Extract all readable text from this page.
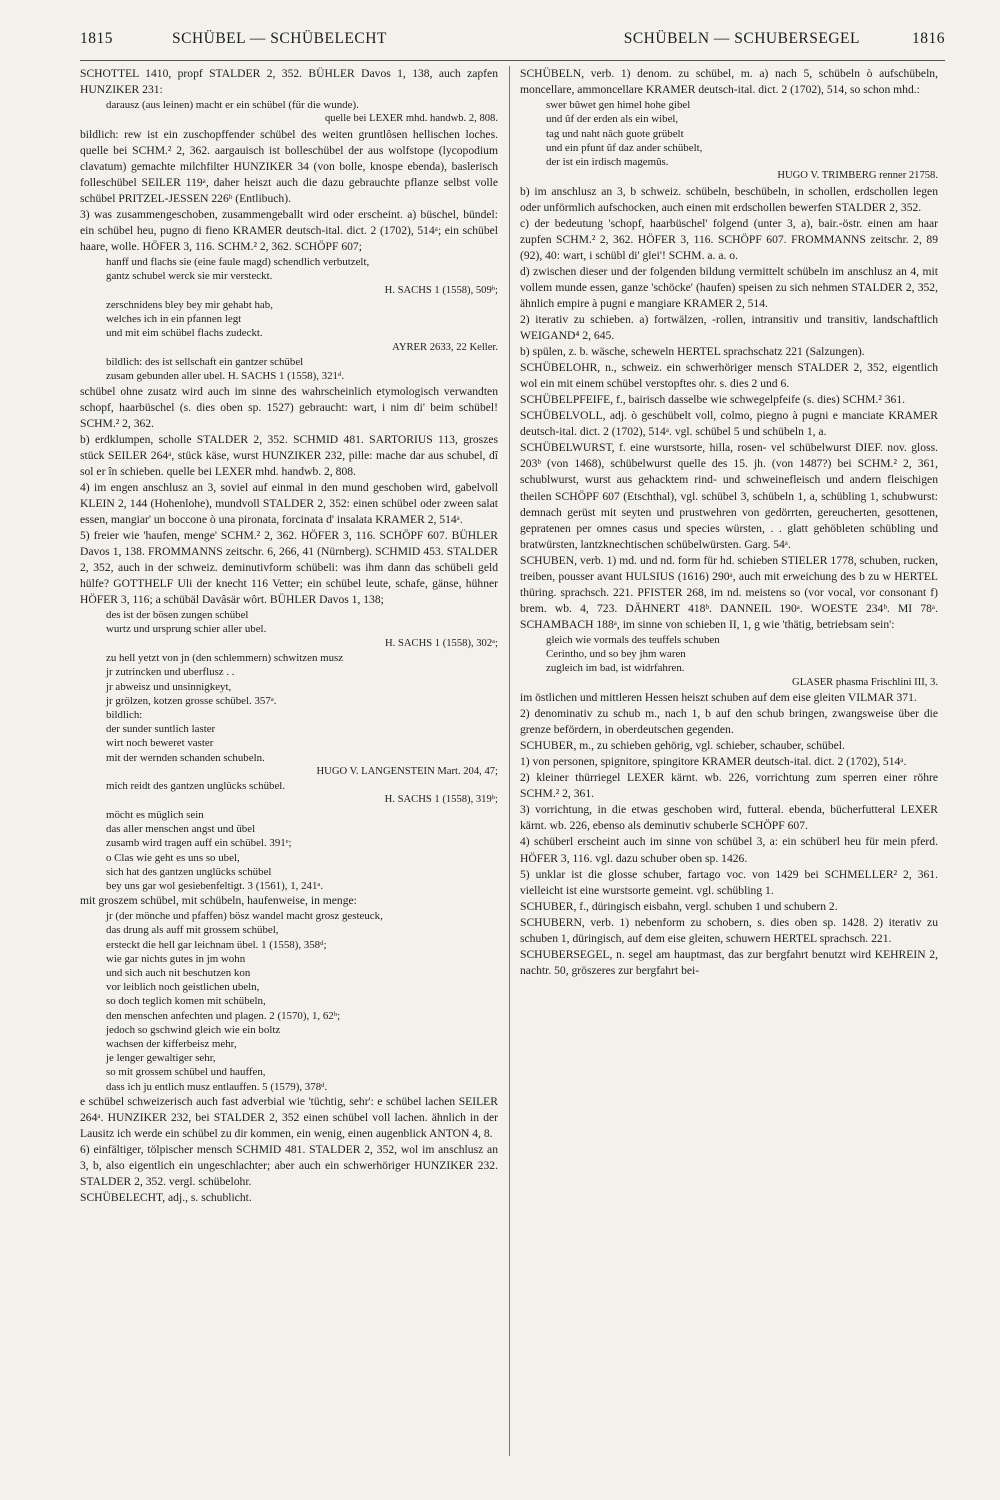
1815	SCHÜBEL — SCHÜBELECHT	SCHÜBELN — SCHUBERSEGEL	1816
SCHOTTEL 1410, propf STALDER 2, 352. BÜHLER Davos 1, 138, auch zapfen HUNZIKER 231:
darausz (aus leinen) macht er ein schübel (für die wunde).
quelle bei LEXER mhd. handwb. 2, 808.
bildlich: rew ist ein zuschopffender schübel des weiten gruntlôsen hellischen loches. quelle bei SCHM.² 2, 362. aargauisch ist bolleschübel der aus wolfstope (lycopodium clavatum) gemachte milchfilter HUNZIKER 34 (von bolle, knospe ebenda), baslerisch folleschübel SEILER 119ᵃ, daher heiszt auch die dazu gebrauchte pflanze selbst volle schübel PRITZEL-JESSEN 226ᵇ (Entlibuch).
3) was zusammengeschoben, zusammengeballt wird oder erscheint. a) büschel, bündel: ein schübel heu, pugno di fieno KRAMER deutsch-ital. dict. 2 (1702), 514ᵃ; ein schübel haare, wolle. HÖFER 3, 116. SCHM.² 2, 362. SCHÖPF 607;
hanff und flachs sie (eine faule magd) schendlich verbutzelt,
gantz schubel werck sie mir versteckt.
H. SACHS 1 (1558), 509ᵇ;
zerschnidens bley bey mir gehabt hab,
welches ich in ein pfannen legt
und mit eim schübel flachs zudeckt.
AYRER 2633, 22 Keller.
bildlich: des ist sellschaft ein gantzer schübel
zusam gebunden aller ubel. H. SACHS 1 (1558), 321ᵈ.
schübel ohne zusatz wird auch im sinne des wahrscheinlich etymologisch verwandten schopf, haarbüschel (s. dies oben sp. 1527) gebraucht: wart, i nim di' beim schübel! SCHM.² 2, 362.
b) erdklumpen, scholle STALDER 2, 352. SCHMID 481. SARTORIUS 113, groszes stück SEILER 264ᵃ, stück käse, wurst HUNZIKER 232, pille: mache dar aus schubel, dî sol er în schieben. quelle bei LEXER mhd. handwb. 2, 808.
4) im engen anschlusz an 3, soviel auf einmal in den mund geschoben wird, gabelvoll KLEIN 2, 144 (Hohenlohe), mundvoll STALDER 2, 352: einen schübel oder zween salat essen, mangiar' un boccone ò una pironata, forcinata d' insalata KRAMER 2, 514ᵃ.
5) freier wie 'haufen, menge' SCHM.² 2, 362. HÖFER 3, 116. SCHÖPF 607. BÜHLER Davos 1, 138. FROMMANNS zeitschr. 6, 266, 41 (Nürnberg). SCHMID 453. STALDER 2, 352, auch in der schweiz. deminutivform schübeli: was ihm dann das schübeli geld hülfe? GOTTHELF Uli der knecht 116 Vetter; ein schübel leute, schafe, gänse, hühner HÖFER 3, 116; a schübäl Davâsär wôrt. BÜHLER Davos 1, 138;
des ist der bösen zungen schübel
wurtz und ursprung schier aller ubel.
H. SACHS 1 (1558), 302ᵃ;
zu hell yetzt von jn (den schlemmern) schwitzen musz
jr zutrincken und uberflusz . .
jr abweisz und unsinnigkeyt,
jr grölzen, kotzen grosse schübel. 357ᵃ.
bildlich:
der sunder suntlich laster
wirt noch beweret vaster
mit der wernden schanden schubeln.
HUGO V. LANGENSTEIN Mart. 204, 47;
mich reidt des gantzen unglücks schübel.
H. SACHS 1 (1558), 319ᵇ;
möcht es müglich sein
das aller menschen angst und übel
zusamb wird tragen auff ein schübel. 391ᵉ;
o Clas wie geht es uns so ubel,
sich hat des gantzen unglücks schübel
bey uns gar wol gesiebenfeltigt. 3 (1561), 1, 241ᵃ.
mit groszem schübel, mit schübeln, haufenweise, in menge:
jr (der mönche und pfaffen) bösz wandel macht grosz gesteuck,
das drung als auff mit grossem schübel,
ersteckt die hell gar leichnam übel. 1 (1558), 358ᵈ;
wie gar nichts gutes in jm wohn
und sich auch nit beschutzen kon
vor leiblich noch geistlichen ubeln,
so doch teglich komen mit schübeln,
den menschen anfechten und plagen. 2 (1570), 1, 62ᵇ;
jedoch so gschwind gleich wie ein boltz
wachsen der kifferbeisz mehr,
je lenger gewaltiger sehr,
so mit grossem schübel und hauffen,
dass ich ju entlich musz entlauffen. 5 (1579), 378ᵈ.
e schübel schweizerisch auch fast adverbial wie 'tüchtig, sehr': e schübel lachen SEILER 264ᵃ. HUNZIKER 232, bei STALDER 2, 352 einen schübel voll lachen. ähnlich in der Lausitz ich werde ein schübel zu dir kommen, ein wenig, einen augenblick ANTON 4, 8.
6) einfältiger, tölpischer mensch SCHMID 481. STALDER 2, 352, wol im anschlusz an 3, b, also eigentlich ein ungeschlachter; aber auch ein schwerhöriger HUNZIKER 232. STALDER 2, 352. vergl. schübelohr.
SCHÜBELECHT, adj., s. schublicht.
SCHÜBELN, verb. 1) denom. zu schübel, m. a) nach 5, schübeln ò aufschübeln, moncellare, ammoncellare KRAMER deutsch-ital. dict. 2 (1702), 514, so schon mhd.:
swer bûwet gen himel hohe gibel
und ûf der erden als ein wibel,
tag und naht nâch guote grübelt
und ein pfunt ûf daz ander schübelt,
der ist ein irdisch magemûs.
HUGO V. TRIMBERG renner 21758.
b) im anschlusz an 3, b schweiz. schübeln, beschübeln, in schollen, erdschollen legen oder unförmlich aufschocken, auch einen mit erdschollen bewerfen STALDER 2, 352.
c) der bedeutung 'schopf, haarbüschel' folgend (unter 3, a), bair.-östr. einen am haar zupfen SCHM.² 2, 362. HÖFER 3, 116. SCHÖPF 607. FROMMANNS zeitschr. 2, 89 (92), 40: wart, i schübl di' glei'! SCHM. a. a. o.
d) zwischen dieser und der folgenden bildung vermittelt schübeln im anschlusz an 4, mit vollem munde essen, ganze 'schöcke' (haufen) speisen zu sich nehmen STALDER 2, 352, ähnlich empire à pugni e mangiare KRAMER 2, 514.
2) iterativ zu schieben. a) fortwälzen, -rollen, intransitiv und transitiv, landschaftlich WEIGAND⁴ 2, 645.
b) spülen, z. b. wäsche, scheweln HERTEL sprachschatz 221 (Salzungen).
SCHÜBELOHR, n., schweiz. ein schwerhöriger mensch STALDER 2, 352, eigentlich wol ein mit einem schübel verstopftes ohr. s. dies 2 und 6.
SCHÜBELPFEIFE, f., bairisch dasselbe wie schwegelpfeife (s. dies) SCHM.² 361.
SCHÜBELVOLL, adj. ò geschübelt voll, colmo, piegno à pugni e manciate KRAMER deutsch-ital. dict. 2 (1702), 514ᵃ. vgl. schübel 5 und schübeln 1, a.
SCHÜBELWURST, f. eine wurstsorte, hilla, rosen- vel schübelwurst DIEF. nov. gloss. 203ᵇ (von 1468), schübelwurst quelle des 15. jh. (von 1487?) bei SCHM.² 2, 361, schublwurst, wurst aus gehacktem rind- und schweinefleisch und andern fleischigen theilen SCHÖPF 607 (Etschthal), vgl. schübel 3, schübeln 1, a, schübling 1, schubwurst: demnach gerüst mit seyten und prustwehren von gedörrten, gereucherten, gesottenen, gepratenen per omnes casus und species würsten, . . glatt gehöbleten schübling und bratwürsten, lantzknechtischen schübelwürsten. Garg. 54ᵃ.
SCHUBEN, verb. 1) md. und nd. form für hd. schieben STIELER 1778, schuben, rucken, treiben, pousser avant HULSIUS (1616) 290ᵃ, auch mit erweichung des b zu w HERTEL thüring. sprachsch. 221. PFISTER 268, im nd. meistens so (vor vocal, vor consonant f) brem. wb. 4, 723. DÄHNERT 418ᵇ. DANNEIL 190ᵃ. WOESTE 234ᵇ. MI 78ᵃ. SCHAMBACH 188ᵃ, im sinne von schieben II, 1, g wie 'thätig, betriebsam sein':
gleich wie vormals des teuffels schuben
Cerintho, und so bey jhm waren
zugleich im bad, ist widrfahren.
GLASER phasma Frischlini III, 3.
im östlichen und mittleren Hessen heiszt schuben auf dem eise gleiten VILMAR 371.
2) denominativ zu schub m., nach 1, b auf den schub bringen, zwangsweise über die grenze befördern, in oberdeutschen gegenden.
SCHUBER, m., zu schieben gehörig, vgl. schieber, schauber, schübel.
1) von personen, spignitore, spingitore KRAMER deutsch-ital. dict. 2 (1702), 514ᵃ.
2) kleiner thürriegel LEXER kärnt. wb. 226, vorrichtung zum sperren einer röhre SCHM.² 2, 361.
3) vorrichtung, in die etwas geschoben wird, futteral. ebenda, bücherfutteral LEXER kärnt. wb. 226, ebenso als deminutiv schuberle SCHÖPF 607.
4) schüberl erscheint auch im sinne von schübel 3, a: ein schüberl heu für mein pferd. HÖFER 3, 116. vgl. dazu schuber oben sp. 1426.
5) unklar ist die glosse schuber, fartago voc. von 1429 bei SCHMELLER² 2, 361. vielleicht ist eine wurstsorte gemeint. vgl. schübling 1.
SCHUBER, f., düringisch eisbahn, vergl. schuben 1 und schubern 2.
SCHUBERN, verb. 1) nebenform zu schobern, s. dies oben sp. 1428. 2) iterativ zu schuben 1, düringisch, auf dem eise gleiten, schuwern HERTEL sprachsch. 221.
SCHUBERSEGEL, n. segel am hauptmast, das zur bergfahrt benutzt wird KEHREIN 2, nachtr. 50, gröszeres zur bergfahrt bei-
